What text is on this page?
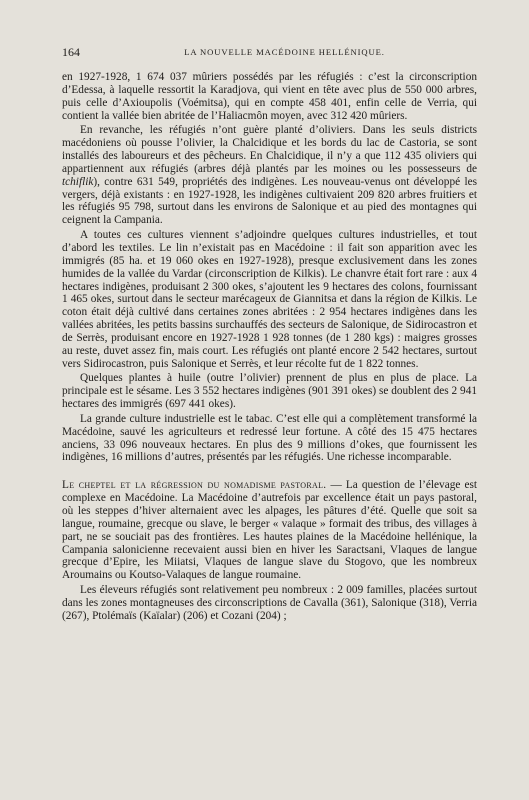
164	LA NOUVELLE MACÉDOINE HELLÉNIQUE.

en 1927-1928, 1 674 037 mûriers possédés par les réfugiés : c’est la circonscription d’Edessa, à laquelle ressortit la Karadjova, qui vient en tête avec plus de 550 000 arbres, puis celle d’Axioupolis (Voémitsa), qui en compte 458 401, enfin celle de Verria, qui contient la vallée bien abritée de l’Haliacmôn moyen, avec 312 420 mûriers.

En revanche, les réfugiés n’ont guère planté d’oliviers. Dans les seuls districts macédoniens où pousse l’olivier, la Chalcidique et les bords du lac de Castoria, se sont installés des laboureurs et des pêcheurs. En Chalcidique, il n’y a que 112 435 oliviers qui appartiennent aux réfugiés (arbres déjà plantés par les moines ou les possesseurs de tchiflik), contre 631 549, propriétés des indigènes. Les nouveau-venus ont développé les vergers, déjà existants : en 1927-1928, les indigènes cultivaient 209 820 arbres fruitiers et les réfugiés 95 798, surtout dans les environs de Salonique et au pied des montagnes qui ceignent la Campania.

A toutes ces cultures viennent s’adjoindre quelques cultures industrielles, et tout d’abord les textiles. Le lin n’existait pas en Macédoine : il fait son apparition avec les immigrés (85 ha. et 19 060 okes en 1927-1928), presque exclusivement dans les zones humides de la vallée du Vardar (circonscription de Kilkis). Le chanvre était fort rare : aux 4 hectares indigènes, produisant 2 300 okes, s’ajoutent les 9 hectares des colons, fournissant 1 465 okes, surtout dans le secteur marécageux de Giannitsa et dans la région de Kilkis. Le coton était déjà cultivé dans certaines zones abritées : 2 954 hectares indigènes dans les vallées abritées, les petits bassins surchauffés des secteurs de Salonique, de Sidirocastron et de Serrès, produisant encore en 1927-1928 1 928 tonnes (de 1 280 kgs) : maigres grosses au reste, duvet assez fin, mais court. Les réfugiés ont planté encore 2 542 hectares, surtout vers Sidirocastron, puis Salonique et Serrès, et leur récolte fut de 1 822 tonnes.

Quelques plantes à huile (outre l’olivier) prennent de plus en plus de place. La principale est le sésame. Les 3 552 hectares indigènes (901 391 okes) se doublent des 2 941 hectares des immigrés (697 441 okes).

La grande culture industrielle est le tabac. C’est elle qui a complètement transformé la Macédoine, sauvé les agriculteurs et redressé leur fortune. A côté des 15 475 hectares anciens, 33 096 nouveaux hectares. En plus des 9 millions d’okes, que fournissent les indigènes, 16 millions d’autres, présentés par les réfugiés. Une richesse incomparable.

Le cheptel et la régression du nomadisme pastoral. — La question de l’élevage est complexe en Macédoine. La Macédoine d’autrefois par excellence était un pays pastoral, où les steppes d’hiver alternaient avec les alpages, les pâtures d’été. Quelle que soit sa langue, roumaine, grecque ou slave, le berger « valaque » formait des tribus, des villages à part, ne se souciait pas des frontières. Les hautes plaines de la Macédoine hellénique, la Campania salonicienne recevaient aussi bien en hiver les Saractsani, Vlaques de langue grecque d’Epire, les Miiatsi, Vlaques de langue slave du Stogovo, que les nombreux Aroumains ou Koutso-Valaques de langue roumaine.

Les éleveurs réfugiés sont relativement peu nombreux : 2 009 familles, placées surtout dans les zones montagneuses des circonscriptions de Cavalla (361), Salonique (318), Verria (267), Ptolémaïs (Kaïalar) (206) et Cozani (204) ;
